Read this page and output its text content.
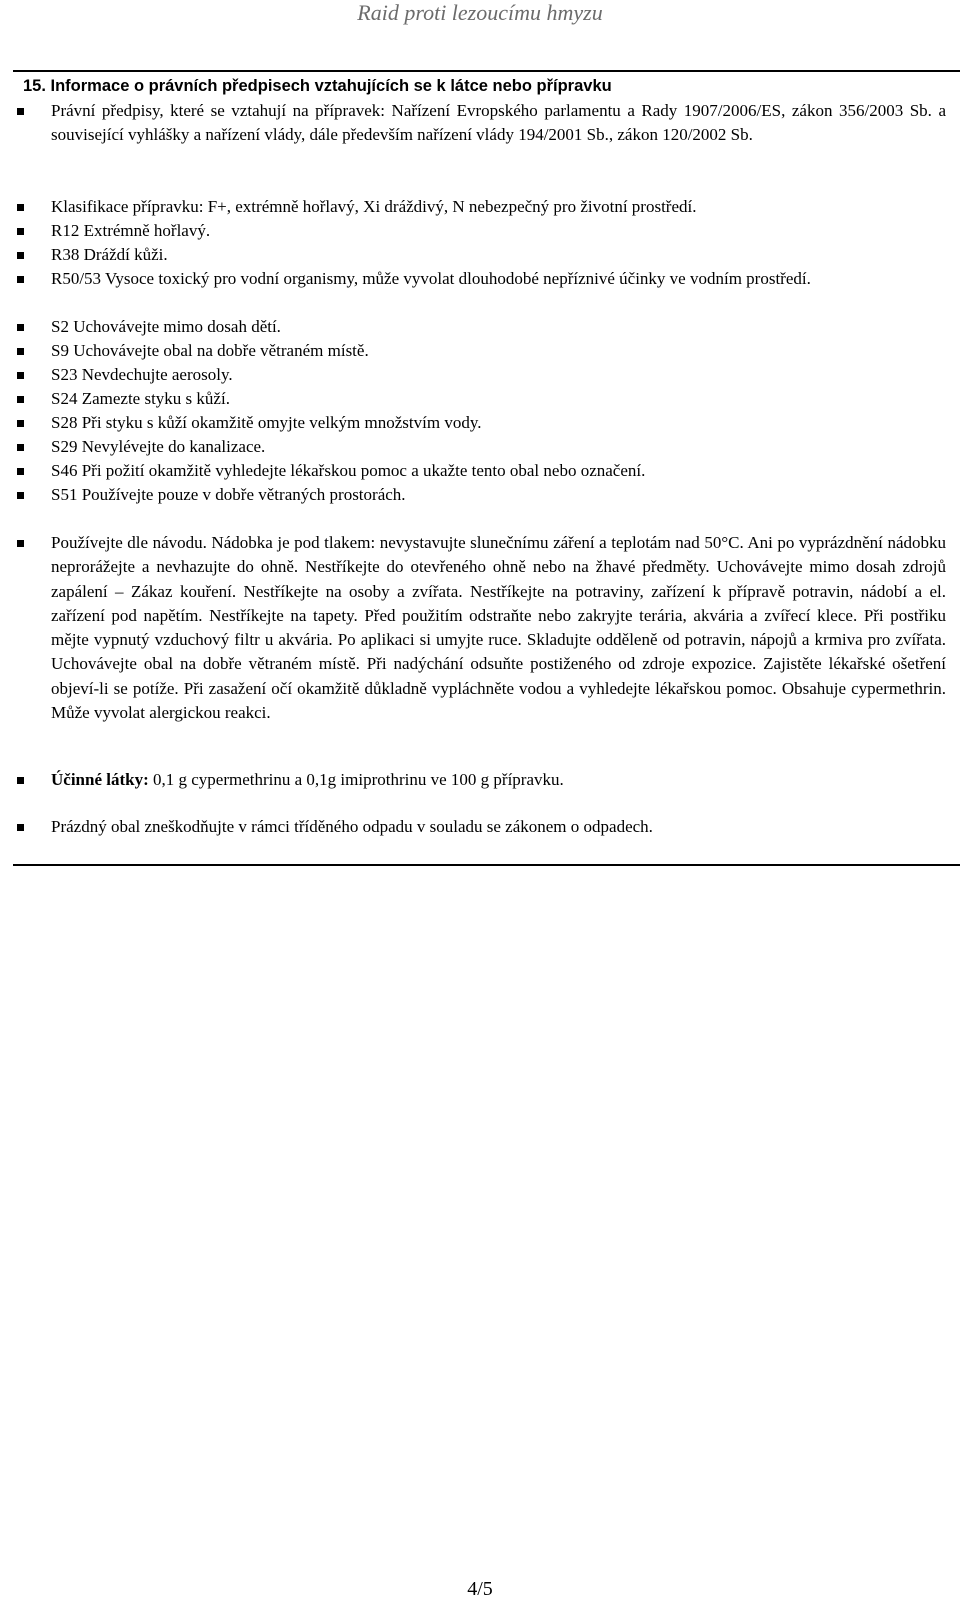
Raid proti lezoucímu hmyzu
15. Informace o právních předpisech vztahujících se k látce nebo přípravku
Právní předpisy, které se vztahují na přípravek: Nařízení Evropského parlamentu a Rady 1907/2006/ES, zákon 356/2003 Sb. a související vyhlášky a nařízení vlády, dále především nařízení vlády 194/2001 Sb., zákon 120/2002 Sb.
Klasifikace přípravku: F+, extrémně hořlavý, Xi dráždivý, N nebezpečný pro životní prostředí.
R12 Extrémně hořlavý.
R38 Dráždí kůži.
R50/53 Vysoce toxický pro vodní organismy, může vyvolat dlouhodobé nepříznivé účinky ve vodním prostředí.
S2 Uchovávejte mimo dosah dětí.
S9 Uchovávejte obal na dobře větraném místě.
S23 Nevdechujte aerosoly.
S24 Zamezte styku s kůží.
S28 Při styku s kůží okamžitě omyjte velkým množstvím vody.
S29 Nevylévejte do kanalizace.
S46 Při požití okamžitě vyhledejte lékařskou pomoc a ukažte tento obal nebo označení.
S51 Používejte pouze v dobře větraných prostorách.
Používejte dle návodu. Nádobka je pod tlakem: nevystavujte slunečnímu záření a teplotám nad 50°C. Ani po vyprázdnění nádobku neprorážejte a nevhazujte do ohně. Nestříkejte do otevřeného ohně nebo na žhavé předměty. Uchovávejte mimo dosah zdrojů zapálení – Zákaz kouření. Nestříkejte na osoby a zvířata. Nestříkejte na potraviny, zařízení k přípravě potravin, nádobí a el. zařízení pod napětím. Nestříkejte na tapety. Před použitím odstraňte nebo zakryjte terária, akvária a zvířecí klece. Při postřiku mějte vypnutý vzduchový filtr u akvária. Po aplikaci si umyjte ruce. Skladujte odděleně od potravin, nápojů a krmiva pro zvířata. Uchovávejte obal na dobře větraném místě. Při nadýchání odsuňte postiženého od zdroje expozice. Zajistěte lékařské ošetření objeví-li se potíže. Při zasažení očí okamžitě důkladně vypláchněte vodou a vyhledejte lékařskou pomoc. Obsahuje cypermethrin. Může vyvolat alergickou reakci.
Účinné látky: 0,1 g cypermethrinu a 0,1g imiprothrinu ve 100 g přípravku.
Prázdný obal zneškodňujte v rámci tříděného odpadu v souladu se zákonem o odpadech.
4/5
